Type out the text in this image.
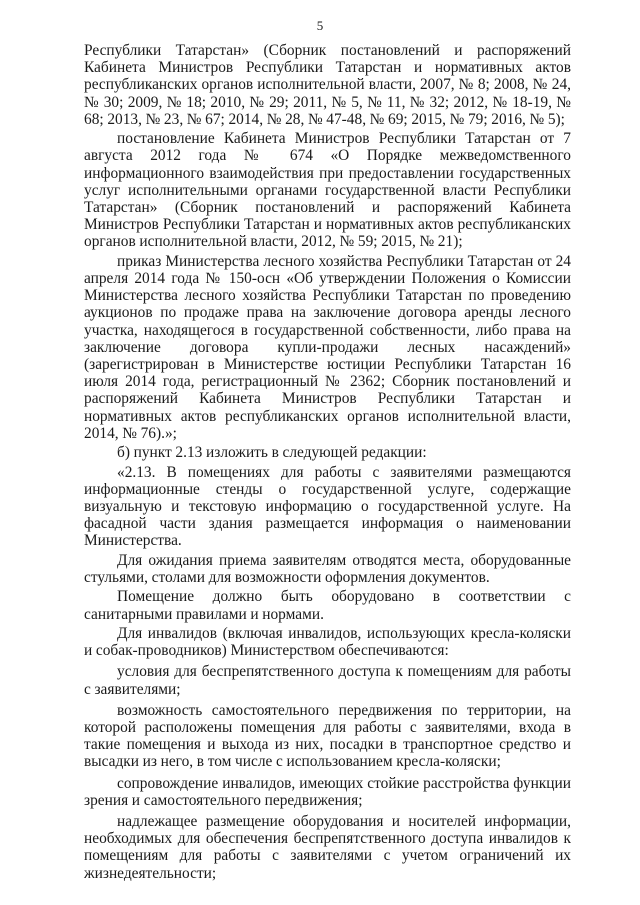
5

Республики Татарстан» (Сборник постановлений и распоряжений Кабинета Министров Республики Татарстан и нормативных актов республиканских органов исполнительной власти, 2007, № 8; 2008, № 24, № 30; 2009, № 18; 2010, № 29; 2011, № 5, № 11, № 32; 2012, № 18-19, № 68; 2013, № 23, № 67; 2014, № 28, № 47-48, № 69; 2015, № 79; 2016, № 5);

постановление Кабинета Министров Республики Татарстан от 7 августа 2012 года № 674 «О Порядке межведомственного информационного взаимодействия при предоставлении государственных услуг исполнительными органами государственной власти Республики Татарстан» (Сборник постановлений и распоряжений Кабинета Министров Республики Татарстан и нормативных актов республиканских органов исполнительной власти, 2012, № 59; 2015, № 21);

приказ Министерства лесного хозяйства Республики Татарстан от 24 апреля 2014 года № 150-осн «Об утверждении Положения о Комиссии Министерства лесного хозяйства Республики Татарстан по проведению аукционов по продаже права на заключение договора аренды лесного участка, находящегося в государственной собственности, либо права на заключение договора купли-продажи лесных насаждений» (зарегистрирован в Министерстве юстиции Республики Татарстан 16 июля 2014 года, регистрационный № 2362; Сборник постановлений и распоряжений Кабинета Министров Республики Татарстан и нормативных актов республиканских органов исполнительной власти, 2014, № 76).»;

б) пункт 2.13 изложить в следующей редакции:

«2.13. В помещениях для работы с заявителями размещаются информационные стенды о государственной услуге, содержащие визуальную и текстовую информацию о государственной услуге. На фасадной части здания размещается информация о наименовании Министерства.

Для ожидания приема заявителям отводятся места, оборудованные стульями, столами для возможности оформления документов.

Помещение должно быть оборудовано в соответствии с санитарными правилами и нормами.

Для инвалидов (включая инвалидов, использующих кресла-коляски и собак-проводников) Министерством обеспечиваются:

условия для беспрепятственного доступа к помещениям для работы с заявителями;

возможность самостоятельного передвижения по территории, на которой расположены помещения для работы с заявителями, входа в такие помещения и выхода из них, посадки в транспортное средство и высадки из него, в том числе с использованием кресла-коляски;

сопровождение инвалидов, имеющих стойкие расстройства функции зрения и самостоятельного передвижения;

надлежащее размещение оборудования и носителей информации, необходимых для обеспечения беспрепятственного доступа инвалидов к помещениям для работы с заявителями с учетом ограничений их жизнедеятельности;
